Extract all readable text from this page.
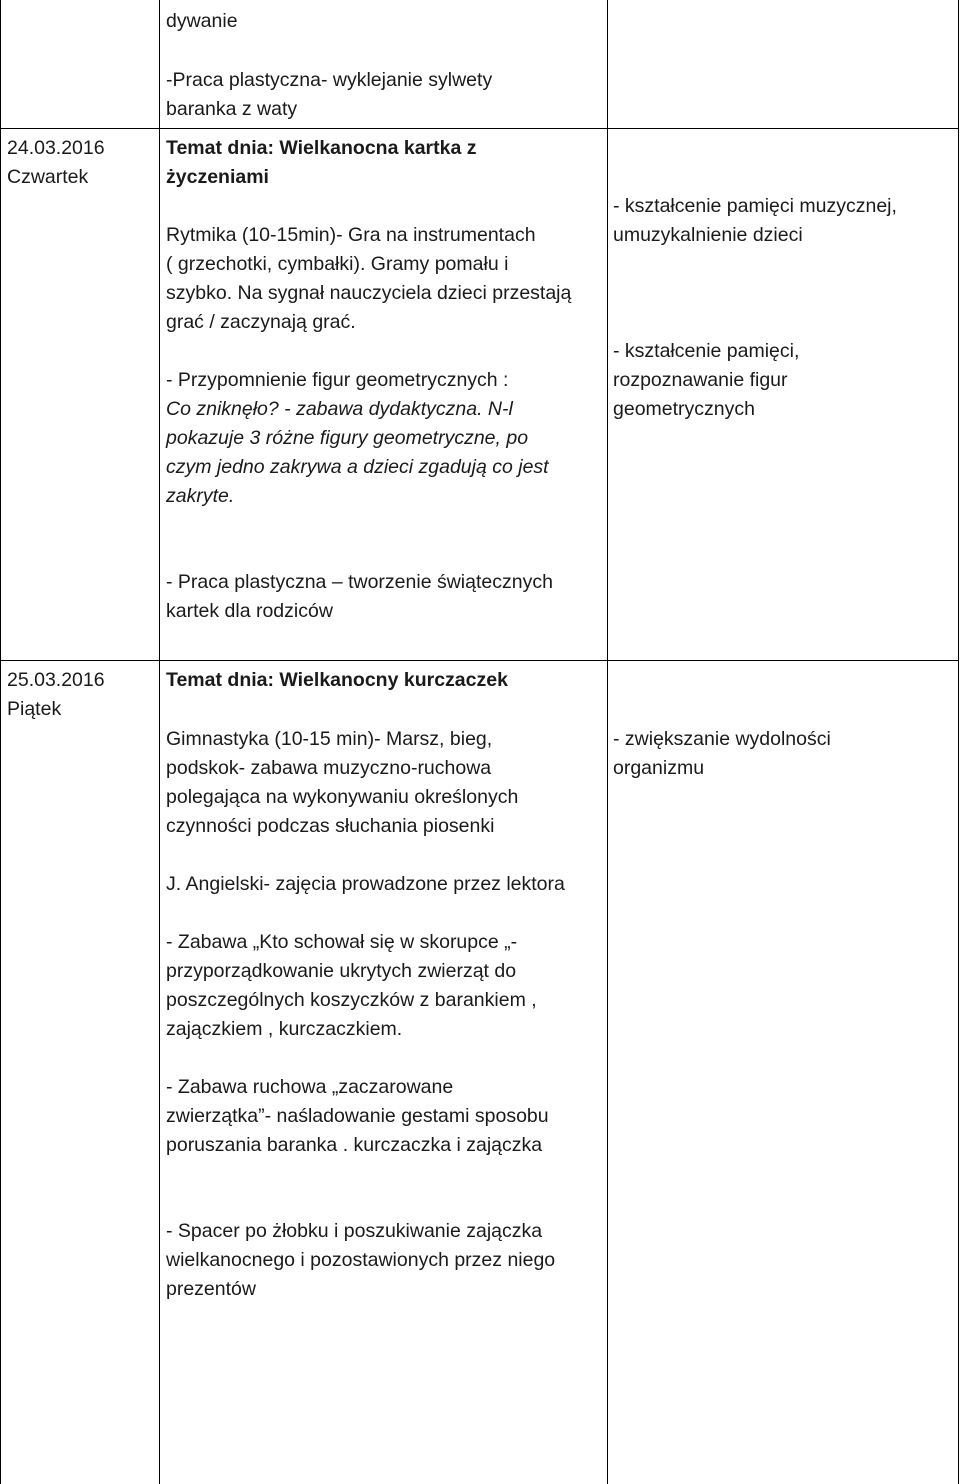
dywanie
-Praca plastyczna- wyklejanie sylwety
baranka z waty
24.03.2016
Czwartek
Temat dnia: Wielkanocna kartka z
życzeniami
Rytmika (10-15min)- Gra na instrumentach
( grzechotki, cymbałki). Gramy pomału i
szybko. Na sygnał nauczyciela dzieci przestają
grać / zaczynają grać.
- Przypomnienie figur geometrycznych :
Co zniknęło? - zabawa dydaktyczna. N-l
pokazuje 3 różne figury geometryczne, po
czym jedno zakrywa a dzieci zgadują co jest
zakryte.
- Praca plastyczna – tworzenie świątecznych
kartek dla rodziców
- kształcenie pamięci muzycznej,
umuzykalnienie dzieci
- kształcenie pamięci,
rozpoznawanie figur
geometrycznych
25.03.2016
Piątek
Temat dnia: Wielkanocny kurczaczek
Gimnastyka (10-15 min)- Marsz, bieg,
podskok- zabawa muzyczno-ruchowa
polegająca na wykonywaniu określonych
czynności podczas słuchania piosenki
J. Angielski- zajęcia prowadzone przez lektora
- Zabawa „Kto schował się w skorupce „-
przyporządkowanie ukrytych zwierząt do
poszczególnych koszyczków z barankiem ,
zajączkiem , kurczaczkiem.
- Zabawa ruchowa „zaczarowane
zwierzątka”- naśladowanie gestami sposobu
poruszania baranka . kurczaczka i zajączka
- Spacer po żłobku i poszukiwanie zajączka
wielkanocnego i pozostawionych przez niego
prezentów
- zwiększanie wydolności
organizmu
